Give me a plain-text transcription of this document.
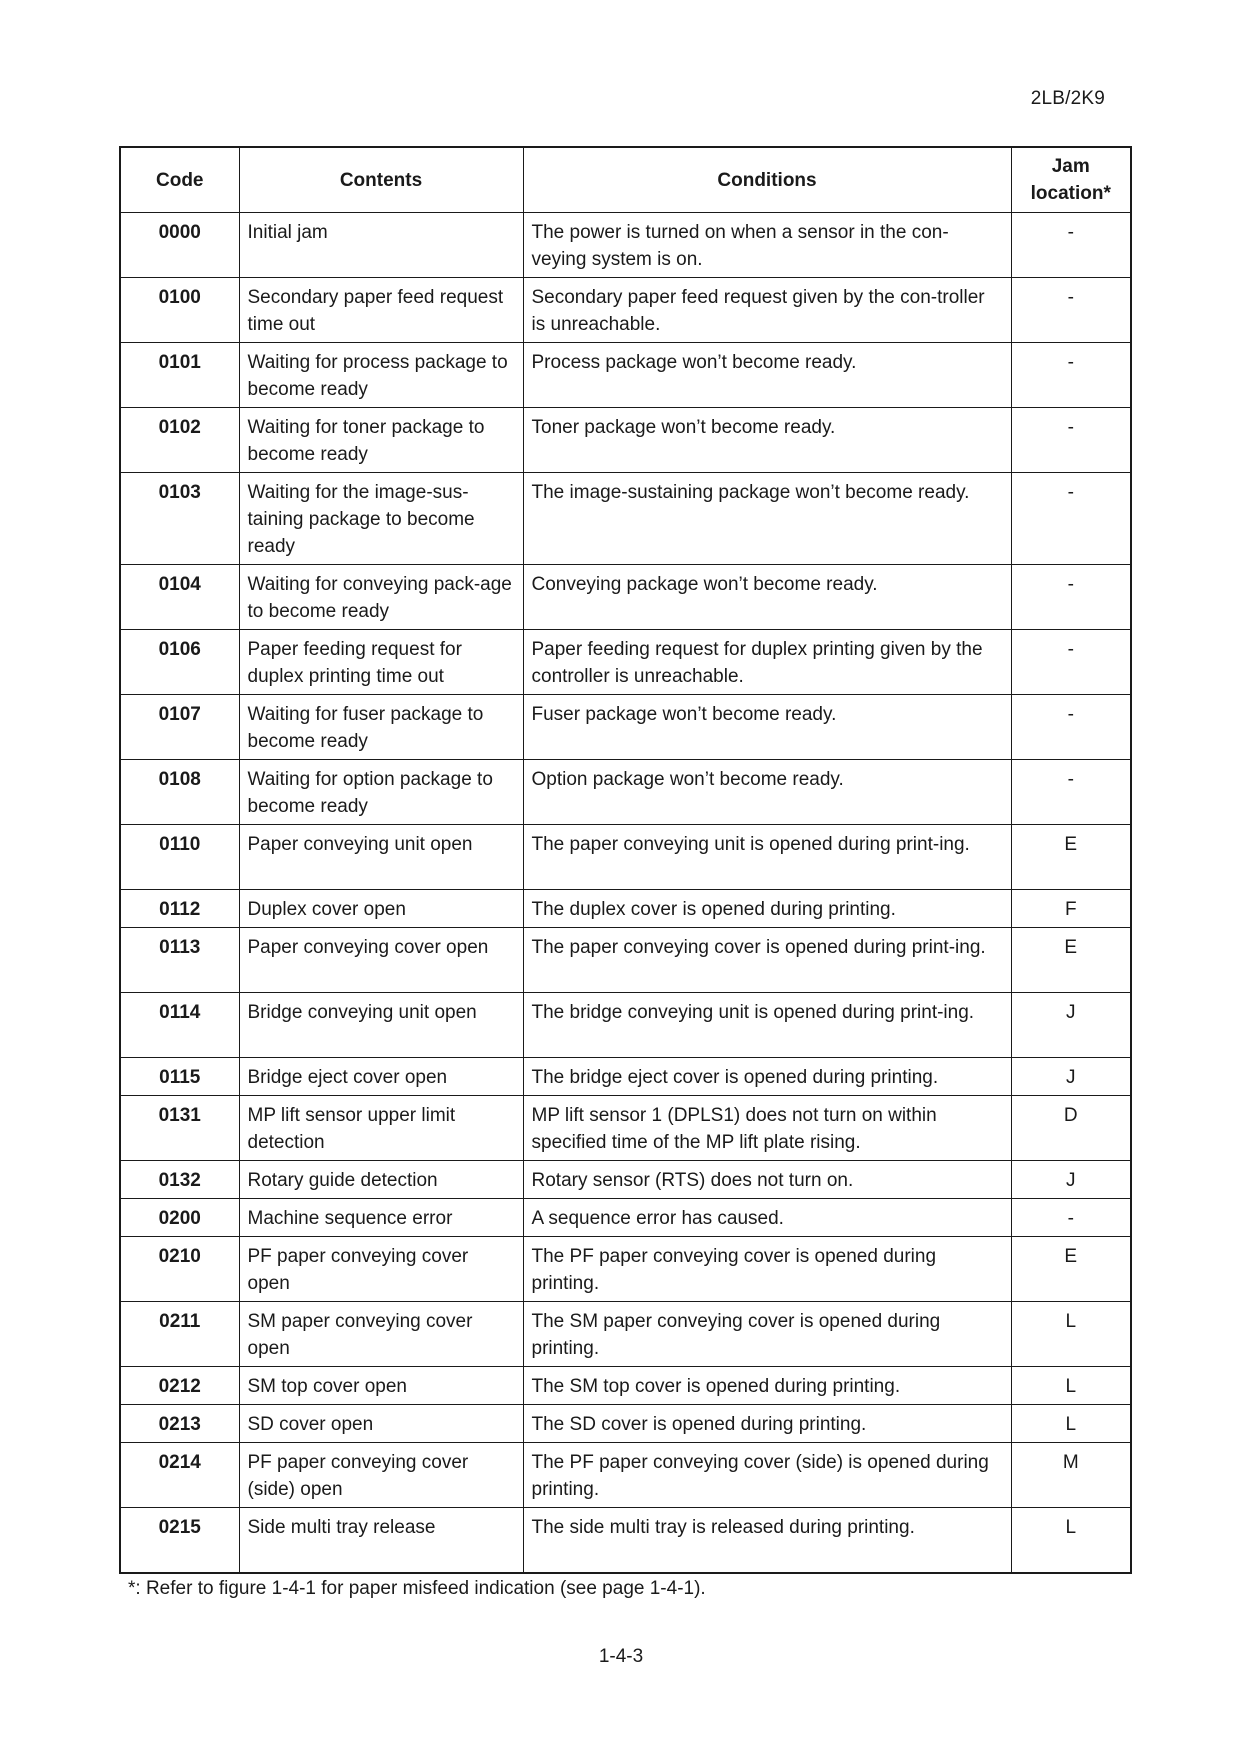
2LB/2K9
Code	Contents	Conditions	Jam location*
0000	Initial jam	The power is turned on when a sensor in the con-veying system is on.	-
0100	Secondary paper feed request time out	Secondary paper feed request given by the con-troller is unreachable.	-
0101	Waiting for process package to become ready	Process package won’t become ready.	-
0102	Waiting for toner package to become ready	Toner package won’t become ready.	-
0103	Waiting for the image-sus-taining package to become ready	The image-sustaining package won’t become ready.	-
0104	Waiting for conveying pack-age to become ready	Conveying package won’t become ready.	-
0106	Paper feeding request for duplex printing time out	Paper feeding request for duplex printing given by the controller is unreachable.	-
0107	Waiting for fuser package to become ready	Fuser package won’t become ready.	-
0108	Waiting for option package to become ready	Option package won’t become ready.	-
0110	Paper conveying unit open	The paper conveying unit is opened during print-ing.	E
0112	Duplex cover open	The duplex cover is opened during printing.	F
0113	Paper conveying cover open	The paper conveying cover is opened during print-ing.	E
0114	Bridge conveying unit open	The bridge conveying unit is opened during print-ing.	J
0115	Bridge eject cover open	The bridge eject cover is opened during printing.	J
0131	MP lift sensor upper limit detection	MP lift sensor 1 (DPLS1) does not turn on within specified time of the MP lift plate rising.	D
0132	Rotary guide detection	Rotary sensor (RTS) does not turn on.	J
0200	Machine sequence error	A sequence error has caused.	-
0210	PF paper conveying cover open	The PF paper conveying cover is opened during printing.	E
0211	SM paper conveying cover open	The SM paper conveying cover is opened during printing.	L
0212	SM top cover open	The SM top cover is opened during printing.	L
0213	SD cover open	The SD cover is opened during printing.	L
0214	PF paper conveying cover (side) open	The PF paper conveying cover (side) is opened during printing.	M
0215	Side multi tray release	The side multi tray is released during printing.	L
*: Refer to figure 1-4-1 for paper misfeed indication (see page 1-4-1).
1-4-3
